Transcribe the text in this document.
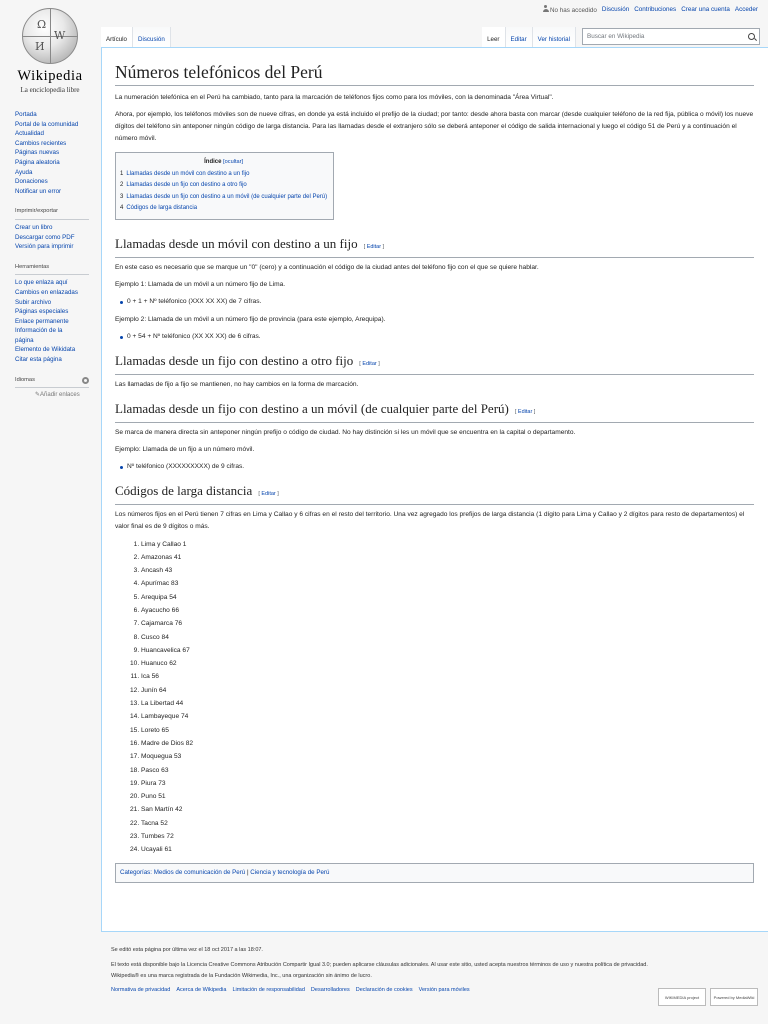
Ω
W
И
Wikipedia
La enciclopedia libre
No has accedido Discusión Contribuciones Crear una cuenta Acceder
Artículo	Discusión	Leer	Editar	Ver historial	Buscar en Wikipedia
Portada
Portal de la comunidad
Actualidad
Cambios recientes
Páginas nuevas
Página aleatoria
Ayuda
Donaciones
Notificar un error
Imprimir/exportar
Crear un libro
Descargar como PDF
Versión para imprimir
Herramientas
Lo que enlaza aquí
Cambios en enlazadas
Subir archivo
Páginas especiales
Enlace permanente
Información de la página
Elemento de Wikidata
Citar esta página
Idiomas
✎Añadir enlaces
Números telefónicos del Perú

La numeración telefónica en el Perú ha cambiado, tanto para la marcación de teléfonos fijos como para los móviles, con la denominada "Área Virtual".

Ahora, por ejemplo, los teléfonos móviles son de nueve cifras, en donde ya está incluido el prefijo de la ciudad; por tanto: desde ahora basta con marcar (desde cualquier teléfono de la red fija, pública o móvil) los nueve dígitos del teléfono sin anteponer ningún código de larga distancia. Para las llamadas desde el extranjero sólo se deberá anteponer el código de salida internacional y luego el código 51 de Perú y a continuación el número móvil.

Índice [ocultar]
1 Llamadas desde un móvil con destino a un fijo
2 Llamadas desde un fijo con destino a otro fijo
3 Llamadas desde un fijo con destino a un móvil (de cualquier parte del Perú)
4 Códigos de larga distancia
Llamadas desde un móvil con destino a un fijo [ Editar ]

En este caso es necesario que se marque un "0" (cero) y a continuación el código de la ciudad antes del teléfono fijo con el que se quiere hablar.

Ejemplo 1: Llamada de un móvil a un número fijo de Lima.

0 + 1 + Nº teléfonico (XXX XX XX) de 7 cifras.

Ejemplo 2: Llamada de un móvil a un número fijo de provincia (para este ejemplo, Arequipa).

0 + 54 + Nº teléfonico (XX XX XX) de 6 cifras.
Llamadas desde un fijo con destino a otro fijo [ Editar ]

Las llamadas de fijo a fijo se mantienen, no hay cambios en la forma de marcación.

Llamadas desde un fijo con destino a un móvil (de cualquier parte del Perú) [ Editar ]

Se marca de manera directa sin anteponer ningún prefijo o código de ciudad. No hay distinción si les un móvil que se encuentra en la capital o departamento.

Ejemplo: Llamada de un fijo a un número móvil.

Nº teléfonico (XXXXXXXXX) de 9 cifras.
Códigos de larga distancia [ Editar ]

Los números fijos en el Perú tienen 7 cifras en Lima y Callao y 6 cifras en el resto del territorio. Una vez agregado los prefijos de larga distancia (1 dígito para Lima y Callao y 2 dígitos para resto de departamentos) el valor final es de 9 dígitos o más.

1. Lima y Callao 1
2. Amazonas 41
3. Ancash 43
4. Apurímac 83
5. Arequipa 54
6. Ayacucho 66
7. Cajamarca 76
8. Cusco 84
9. Huancavelica 67
10. Huanuco 62
11. Ica 56
12. Junín 64
13. La Libertad 44
14. Lambayeque 74
15. Loreto 65
16. Madre de Dios 82
17. Moquegua 53
18. Pasco 63
19. Piura 73
20. Puno 51
21. San Martín 42
22. Tacna 52
23. Tumbes 72
24. Ucayali 61
Categorías: Medios de comunicación de Perú | Ciencia y tecnología de Perú
Se editó esta página por última vez el 18 oct 2017 a las 18:07.
El texto está disponible bajo la Licencia Creative Commons Atribución Compartir Igual 3.0; pueden aplicarse cláusulas adicionales. Al usar este sitio, usted acepta nuestros términos de uso y nuestra política de privacidad.
Wikipedia® es una marca registrada de la Fundación Wikimedia, Inc., una organización sin ánimo de lucro.
Normativa de privacidad Acerca de Wikipedia Limitación de responsabilidad Desarrolladores Declaración de cookies Versión para móviles
WIKIMEDIA project	Powered by MediaWiki
